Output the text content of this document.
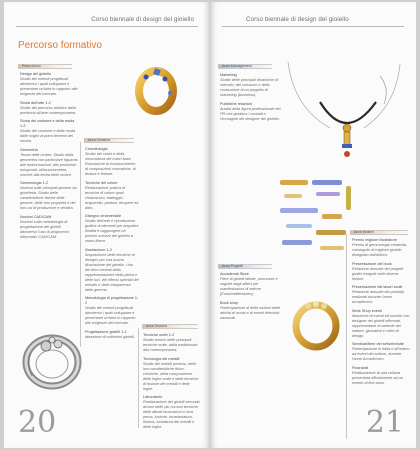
Corso biennale di design del gioiello
Percorso formativo
Primo Anno
Area Creativa
Area Tecnica

Design del gioiello
Studio dei metodi progettuali attraverso i quali sviluppare e presentare un'idea in rapporto alle esigenze del mercato.

Storia dell'arte 1-2
Studio del percorso artistico dalla preistoria all'arte contemporanea.

Storia del costume e della moda 1-2
Studio del costume e della moda dalle origini ai primi decenni del secolo.

Geometria
Teoria delle ombre. Studio della geometria con particolare riguardo alle trasformazioni, alle proiezioni ortogonali, all'assonometria, nonché alla teoria delle ombre.

Gemmologia 1-2
Nozioni sulle principali gemme da gioielleria. Studio delle caratteristiche fisiche delle gemme, delle loro proprietà e dei loro usi di produzione e vendita.

Nozioni CAD/CAM
Nozioni sulla metodologia di progettazione dei gioielli attraverso l'uso di programmi informatici CAD/CAM.

Cromatologia
Studio dei colori e della mescolanza dei colori base. Educazione al riconoscimento di composizioni cromatiche, di texture e finiture.

Tecniche del colore
Realizzazione pratica di tecniche di colore quali chiaroscuro, tratteggio, acquerello, pantoni, tempere ed altro.

Disegno ornamentale
Studio dell'arte e riproduzione grafica di elementi per acquisire fluidità e raggiungere un preciso schizzo del gioiello a mano libera.

Illustrazione 1-2
Acquisizione delle tecniche di disegno per una buona illustrazione del gioiello. Uno dei temi centrali della rappresentazione della pietra e delle luci, dei riflessi speciali del metallo e della trasparenza delle gemme.

Metodologia di progettazione 1-2
Studio dei metodi progettuali attraverso i quali sviluppare e presentare un'idea in rapporto alle esigenze del mercato.

Progettazione gioielli 1-2
Ideazione di collezioni gioielli.	Tecniche orafe 1-2
Studio teorico delle principali tecniche orafe, dalla tradizionale alla contemporanea.

Tecnologia dei metalli
Studio dei metalli preziosi, delle loro caratteristiche fisico-chimiche, della composizione delle leghe orafe e delle tecniche di fusione dei metalli e delle leghe.

Laboratorio
Realizzazione dei gioielli secondo alcune delle più comuni tecniche dalle attuali lavorazioni a cera persa, fusione, incastonatura, finitura, lucidatura dei metalli e delle leghe.

20
Corso biennale di design del gioiello
Area Management
Area Progetti
Area Mostre

Marketing
Studio delle principali dinamiche di mercato, del consumo e della costruzione di un progetto di marketing (business).

Pubbliche relazioni
Analisi della figura professionale del PR che gestisce i contatti e l'immagine del designer del gioiello.

Accademia Store
Fiere di gioielli ideate, promosse e seguite dagli allievi per manifestazioni di settore (Euromediterraneo).

Book shop
Partecipazione di delle sezioni delle attività di moda e di eventi televisivi nazionali.

Premio migliore illustratore
Premio di gemmologia creatività, conseguito al migliore gioiello disegnato dall'allievo.

Presentazione del book
Relazione annuale dei progetti grafici eseguiti nelle diverse lezioni.

Presentazione dei lavori svolti
Relazione annuale dei prototipi realizzati durante l'anno accademico.

Work Shop eventi
Ideazione di eventi ed incontri con designer dei gioielli affermati, rappresentanti di aziende del settore, giornalisti e critici di design.

Seminari/fiere del settore/visite
Partecipazione in Italia o all'estero ad eventi del settore, durante l'anno Accademico.

Finanziati
Realizzazione di una collana presentata ufficialmente ad un evento di fine anno.

21
